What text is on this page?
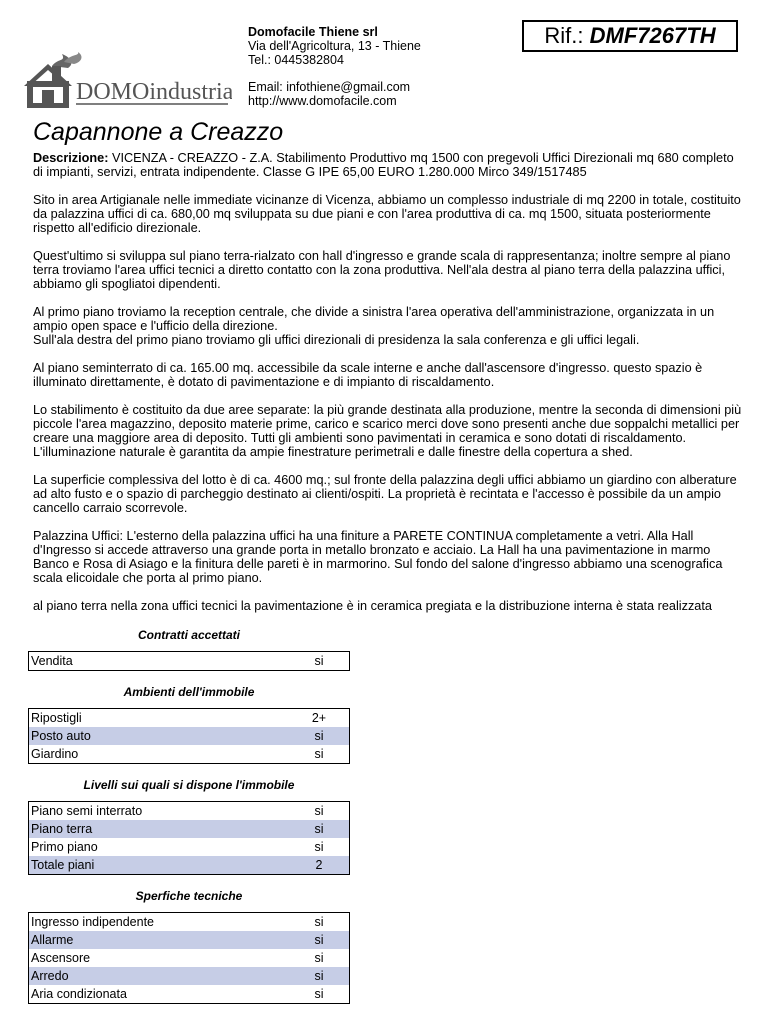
DOMOindustria
Domofacile Thiene srl
Via dell'Agricoltura, 13 - Thiene
Tel.: 0445382804
Email: infothiene@gmail.com
http://www.domofacile.com
Rif.: DMF7267TH
Capannone a Creazzo

Descrizione: VICENZA - CREAZZO - Z.A. Stabilimento Produttivo mq 1500 con pregevoli Uffici Direzionali mq 680 completo di impianti, servizi, entrata indipendente. Classe G IPE 65,00 EURO 1.280.000 Mirco 349/1517485

Sito in area Artigianale nelle immediate vicinanze di Vicenza, abbiamo un complesso industriale di mq 2200 in totale, costituito da palazzina uffici di ca. 680,00 mq sviluppata su due piani e con l'area produttiva di ca. mq 1500, situata posteriormente rispetto all'edificio direzionale.

Quest'ultimo si sviluppa sul piano terra-rialzato con hall d'ingresso e grande scala di rappresentanza; inoltre sempre al piano terra troviamo l'area uffici tecnici a diretto contatto con la zona produttiva. Nell'ala destra al piano terra della palazzina uffici, abbiamo gli spogliatoi dipendenti.

Al primo piano troviamo la reception centrale, che divide a sinistra l'area operativa dell'amministrazione, organizzata in un ampio open space e l'ufficio della direzione.
Sull'ala destra del primo piano troviamo gli uffici direzionali di presidenza la sala conferenza e gli uffici legali.

Al piano seminterrato di ca. 165.00 mq. accessibile da scale interne e anche dall'ascensore d'ingresso. questo spazio è illuminato direttamente, è dotato di pavimentazione e di impianto di riscaldamento.

Lo stabilimento è costituito da due aree separate: la più grande destinata alla produzione, mentre la seconda di dimensioni più piccole l'area magazzino, deposito materie prime, carico e scarico merci dove sono presenti anche due soppalchi metallici per creare una maggiore area di deposito. Tutti gli ambienti sono pavimentati in ceramica e sono dotati di riscaldamento.
L'illuminazione naturale è garantita da ampie finestrature perimetrali e dalle finestre della copertura a shed.

La superficie complessiva del lotto è di ca. 4600 mq.; sul fronte della palazzina degli uffici abbiamo un giardino con alberature ad alto fusto e o spazio di parcheggio destinato ai clienti/ospiti. La proprietà è recintata e l'accesso è possibile da un ampio cancello carraio scorrevole.

Palazzina Uffici: L'esterno della palazzina uffici ha una finiture a PARETE CONTINUA completamente a vetri. Alla Hall d'Ingresso si accede attraverso una grande porta in metallo bronzato e acciaio. La Hall ha una pavimentazione in marmo Banco e Rosa di Asiago e la finitura delle pareti è in marmorino. Sul fondo del salone d'ingresso abbiamo una scenografica scala elicoidale che porta al primo piano.

al piano terra nella zona uffici tecnici la pavimentazione è in ceramica pregiata e la distribuzione interna è stata realizzata

Contratti accettati
Vendita	si
Ambienti dell'immobile
Ripostigli	2+
Posto auto	si
Giardino	si
Livelli sui quali si dispone l'immobile
Piano semi interrato	si
Piano terra	si
Primo piano	si
Totale piani	2
Sperfiche tecniche
Ingresso indipendente	si
Allarme	si
Ascensore	si
Arredo	si
Aria condizionata	si
